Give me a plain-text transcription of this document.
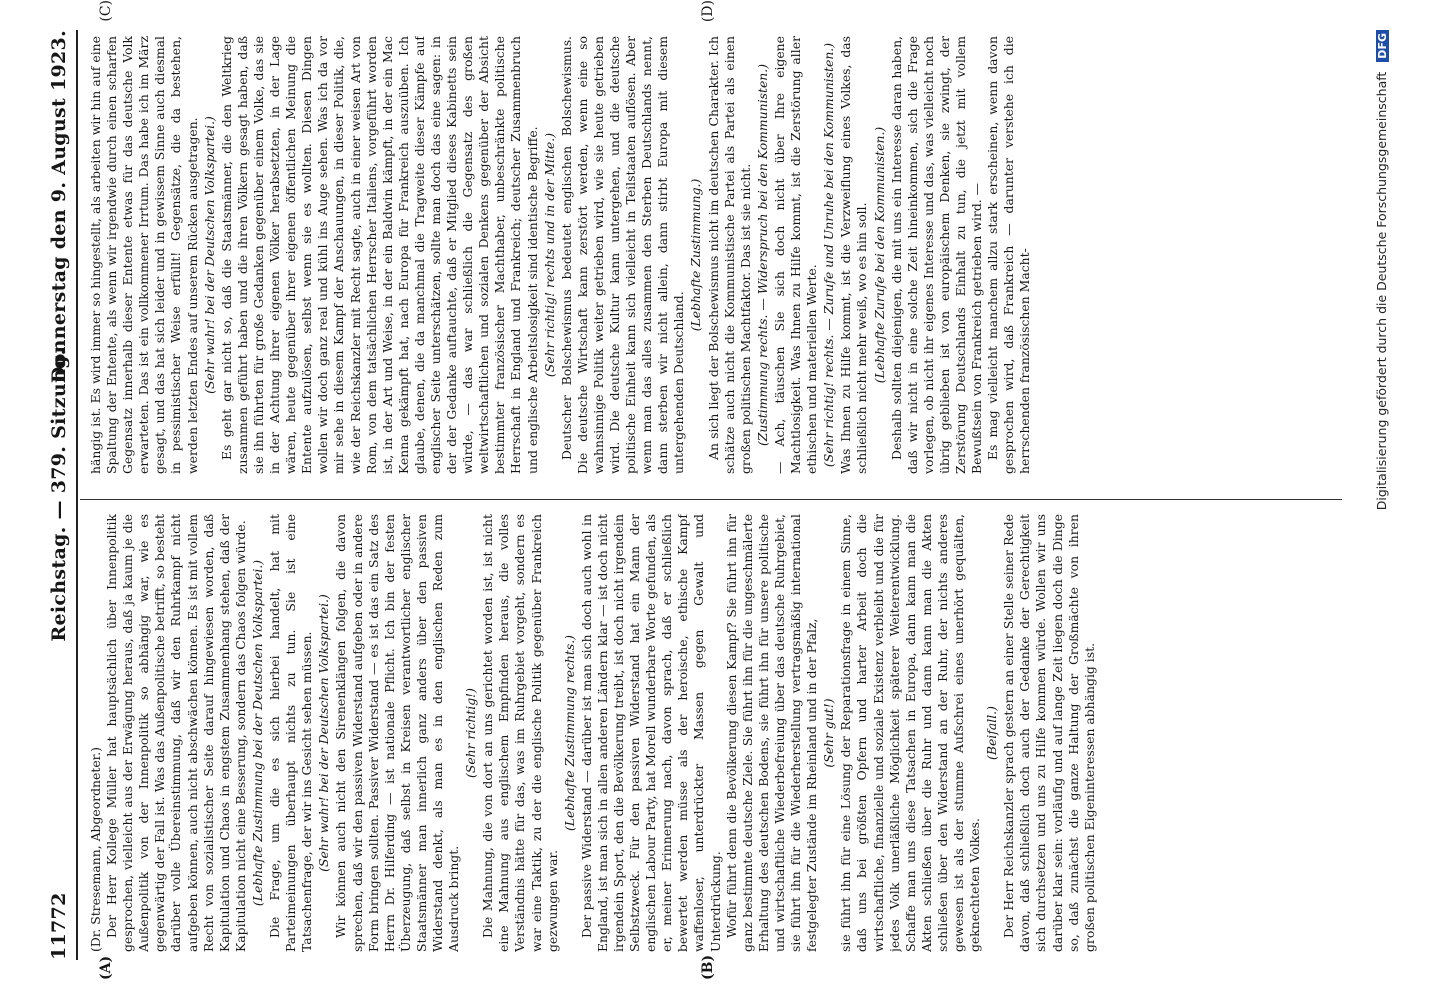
11772
Reichstag. — 379. Sitzung.
Donnerstag den 9. August 1923.
(A)	(B)
(C)	(D)

(Dr. Stresemann, Abgeordneter.) Der Herr Kollege Müller hat hauptsächlich über Innenpolitik gesprochen, vielleicht aus der Erwägung heraus, daß ja kaum je die Außenpolitik von der Innenpolitik so abhängig war, wie es gegenwärtig der Fall ist. Was das Außenpolitische betrifft, so besteht darüber volle Übereinstimmung, daß wir den Ruhrkampf nicht aufgeben können, auch nicht abschwächen können. Es ist mit vollem Recht von sozialistischer Seite darauf hingewiesen worden, daß Kapitulation und Chaos in engstem Zusammenhang stehen, daß der Kapitulation nicht eine Besserung, sondern das Chaos folgen würde. (Lebhafte Zustimmung bei der Deutschen Volkspartei.) Die Frage, um die es sich hierbei handelt, hat mit Parteimeinungen überhaupt nichts zu tun. Sie ist eine Tatsachenfrage, der wir ins Gesicht sehen müssen. (Sehr wahr! bei der Deutschen Volkspartei.) Wir können auch nicht den Sirenenklängen folgen, die davon sprechen, daß wir den passiven Widerstand aufgeben oder in andere Form bringen sollten. Passiver Widerstand — es ist das ein Satz des Herrn Dr. Hilferding — ist nationale Pflicht. Ich bin der festen Überzeugung, daß selbst in Kreisen verantwortlicher englischer Staatsmänner man innerlich ganz anders über den passiven Widerstand denkt, als man es in den englischen Reden zum Ausdruck bringt.

(Sehr richtig!) Die Mahnung, die von dort an uns gerichtet worden ist, ist nicht eine Mahnung aus englischem Empfinden heraus, die volles Verständnis hätte für das, was im Ruhrgebiet vorgeht, sondern es war eine Taktik, zu der die englische Politik gegenüber Frankreich gezwungen war.

(Lebhafte Zustimmung rechts.) Der passive Widerstand — darüber ist man sich doch auch wohl in England, ist man sich in allen anderen Ländern klar — ist doch nicht irgendein Sport, den die Bevölkerung treibt, ist doch nicht irgendein Selbstzweck. Für den passiven Widerstand hat ein Mann der englischen Labour Party, hat Morell wunderbare Worte gefunden, als er, meiner Erinnerung nach, davon sprach, daß er schließlich bewertet werden müsse als der heroische, ethische Kampf waffenloser, unterdrückter Massen gegen Gewalt und Unterdrückung. Wofür führt denn die Bevölkerung diesen Kampf? Sie führt ihn für ganz bestimmte deutsche Ziele. Sie führt ihn für die ungeschmälerte Erhaltung des deutschen Bodens, sie führt ihn für unsere politische und wirtschaftliche Wiederbefreiung über das deutsche Ruhrgebiet, sie führt ihn für die Wiederherstellung vertragsmäßig international festgelegter Zustände im Rheinland und in der Pfalz, (Sehr gut!) sie führt ihn für eine Lösung der Reparationsfrage in einem Sinne, daß uns bei größten Opfern und harter Arbeit doch die wirtschaftliche, finanzielle und soziale Existenz verbleibt und die für jedes Volk unerläßliche Möglichkeit späterer Weiterentwicklung. Schaffe man uns diese Tatsachen in Europa, dann kann man die Akten schließen über die Ruhr und dann kann man die Akten schließen über den Widerstand an der Ruhr, der nichts anderes gewesen ist als der stumme Aufschrei eines unerhört gequälten, geknechteten Volkes.

(Beifall.) Der Herr Reichskanzler sprach gestern an einer Stelle seiner Rede davon, daß schließlich doch auch der Gedanke der Gerechtigkeit sich durchsetzen und uns zu Hilfe kommen würde. Wollen wir uns darüber klar sein: vorläufig und auf lange Zeit liegen doch die Dinge so, daß zunächst die ganze Haltung der Großmächte von ihren großen politischen Eigeninteressen abhängig ist.

hängig ist. Es wird immer so hingestellt, als arbeiten wir hin auf eine Spaltung der Entente, als wenn wir irgendwie durch einen scharfen Gegensatz innerhalb dieser Entente etwas für das deutsche Volk erwarteten. Das ist ein vollkommener Irrtum. Das habe ich im März gesagt, und das hat sich leider und in gewissem Sinne auch diesmal in pessimistischer Weise erfüllt! Gegensätze, die da bestehen, werden letzten Endes auf unserem Rücken ausgetragen. (Sehr wahr! bei der Deutschen Volkspartei.) Es geht gar nicht so, daß die Staatsmänner, die den Weltkrieg zusammen geführt haben und die ihren Völkern gesagt haben, daß sie ihn führten für große Gedanken gegenüber einem Volke, das sie in der Achtung ihrer eigenen Völker herabsetzten, in der Lage wären, heute gegenüber ihrer eigenen öffentlichen Meinung die Entente aufzulösen, selbst wenn sie es wollten. Diesen Dingen wollen wir doch ganz real und kühl ins Auge sehen. Was ich da vor mir sehe in diesem Kampf der Anschauungen, in dieser Politik, die, wie der Reichskanzler mit Recht sagte, auch in einer weisen Art von Rom, von dem tatsächlichen Herrscher Italiens, vorgeführt worden ist, in der Art und Weise, in der ein Baldwin kämpft, in der ein Mac Kenna gekämpft hat, nach Europa für Frankreich auszuüben. Ich glaube, denen, die da manchmal die Tragweite dieser Kämpfe auf englischer Seite unterschätzen, sollte man doch das eine sagen: in der der Gedanke auftauchte, daß er Mitglied dieses Kabinetts sein würde, — das war schließlich die Gegensatz des großen weltwirtschaftlichen und sozialen Denkens gegenüber der Absicht bestimmter französischer Machthaber, unbeschränkte politische Herrschaft in England und Frankreich; deutscher Zusammenbruch und englische Arbeitslosigkeit sind identische Begriffe. (Sehr richtig! rechts und in der Mitte.) Deutscher Bolschewismus bedeutet englischen Bolschewismus. Die deutsche Wirtschaft kann zerstört werden, wenn eine so wahnsinnige Politik weiter getrieben wird, wie sie heute getrieben wird. Die deutsche Kultur kann untergehen, und die deutsche politische Einheit kann sich vielleicht in Teilstaaten auflösen. Aber wenn man das alles zusammen den Sterben Deutschlands nennt, dann sterben wir nicht allein, dann stirbt Europa mit diesem untergehenden Deutschland.

(Lebhafte Zustimmung.) An sich liegt der Bolschewismus nicht im deutschen Charakter. Ich schätze auch nicht die Kommunistische Partei als Partei als einen großen politischen Machtfaktor. Das ist sie nicht. (Zustimmung rechts. — Widerspruch bei den Kommunisten.) — Ach, täuschen Sie sich doch nicht über Ihre eigene Machtlosigkeit. Was Ihnen zu Hilfe kommt, ist die Zerstörung aller ethischen und materiellen Werte. (Sehr richtig! rechts. — Zurufe und Unruhe bei den Kommunisten.) Was Ihnen zu Hilfe kommt, ist die Verzweiflung eines Volkes, das schließlich nicht mehr weiß, wo es hin soll. (Lebhafte Zurufe bei den Kommunisten.) Deshalb sollten diejenigen, die mit uns ein Interesse daran haben, daß wir nicht in eine solche Zeit hineinkommen, sich die Frage vorlegen, ob nicht ihr eigenes Interesse und das, was vielleicht noch übrig geblieben ist von europäischem Denken, sie zwingt, der Zerstörung Deutschlands Einhalt zu tun, die jetzt mit vollem Bewußtsein von Frankreich getrieben wird. — Es mag vielleicht manchem allzu stark erscheinen, wenn davon gesprochen wird, daß Frankreich — darunter verstehe ich die herrschenden französischen Macht-	Digitalisierung gefördert durch die Deutsche Forschungsgemeinschaft DFG
